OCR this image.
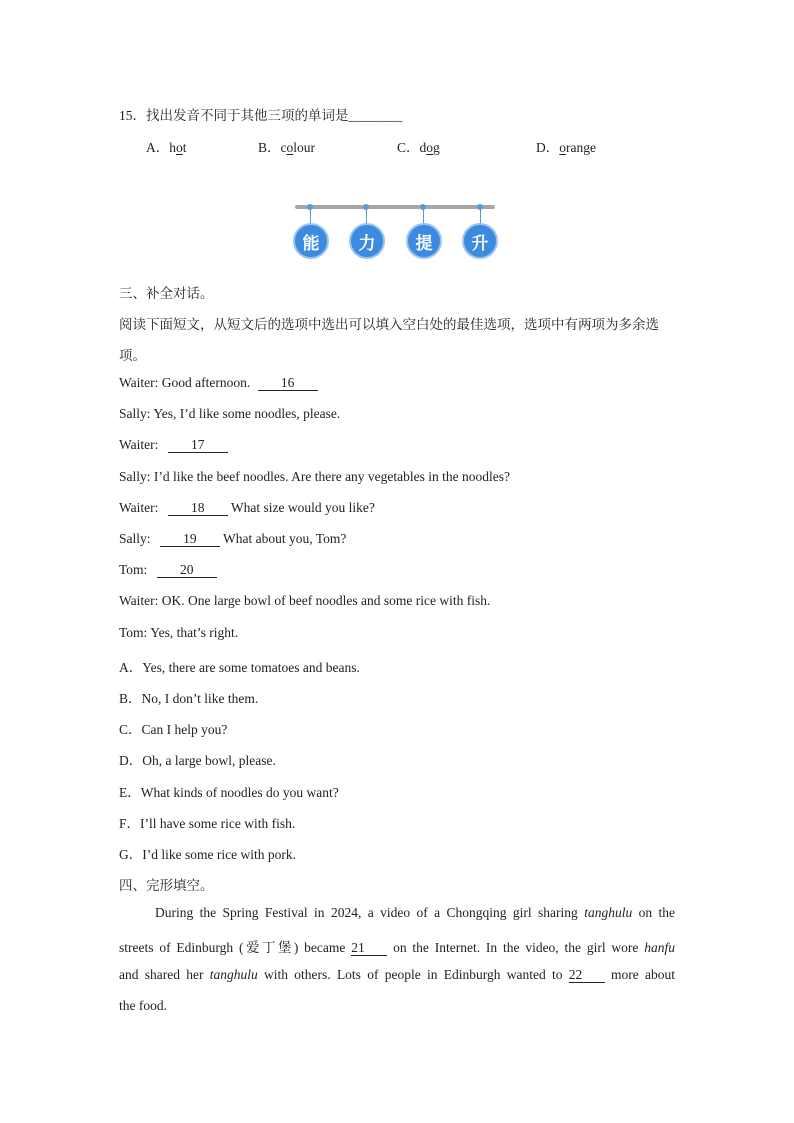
15．找出发音不同于其他三项的单词是________
A．hot	B．colour	C．dog	D．orange
能	力	提	升
三、补全对话。
阅读下面短文，从短文后的选项中选出可以填入空白处的最佳选项，选项中有两项为多余选
项。
Waiter: Good afternoon. 16
Sally: Yes, I’d like some noodles, please.
Waiter: 17
Sally: I’d like the beef noodles. Are there any vegetables in the noodles?
Waiter: 18 What size would you like?
Sally: 19 What about you, Tom?
Tom: 20
Waiter: OK. One large bowl of beef noodles and some rice with fish.
Tom: Yes, that’s right.
A．Yes, there are some tomatoes and beans.
B．No, I don’t like them.
C．Can I help you?
D．Oh, a large bowl, please.
E．What kinds of noodles do you want?
F．I’ll have some rice with fish.
G．I’d like some rice with pork.
四、完形填空。
During the Spring Festival in 2024, a video of a Chongqing girl sharing tanghulu on the
streets of Edinburgh (爱丁堡) became 21 on the Internet. In the video, the girl wore hanfu
and shared her tanghulu with others. Lots of people in Edinburgh wanted to 22 more about
the food.
